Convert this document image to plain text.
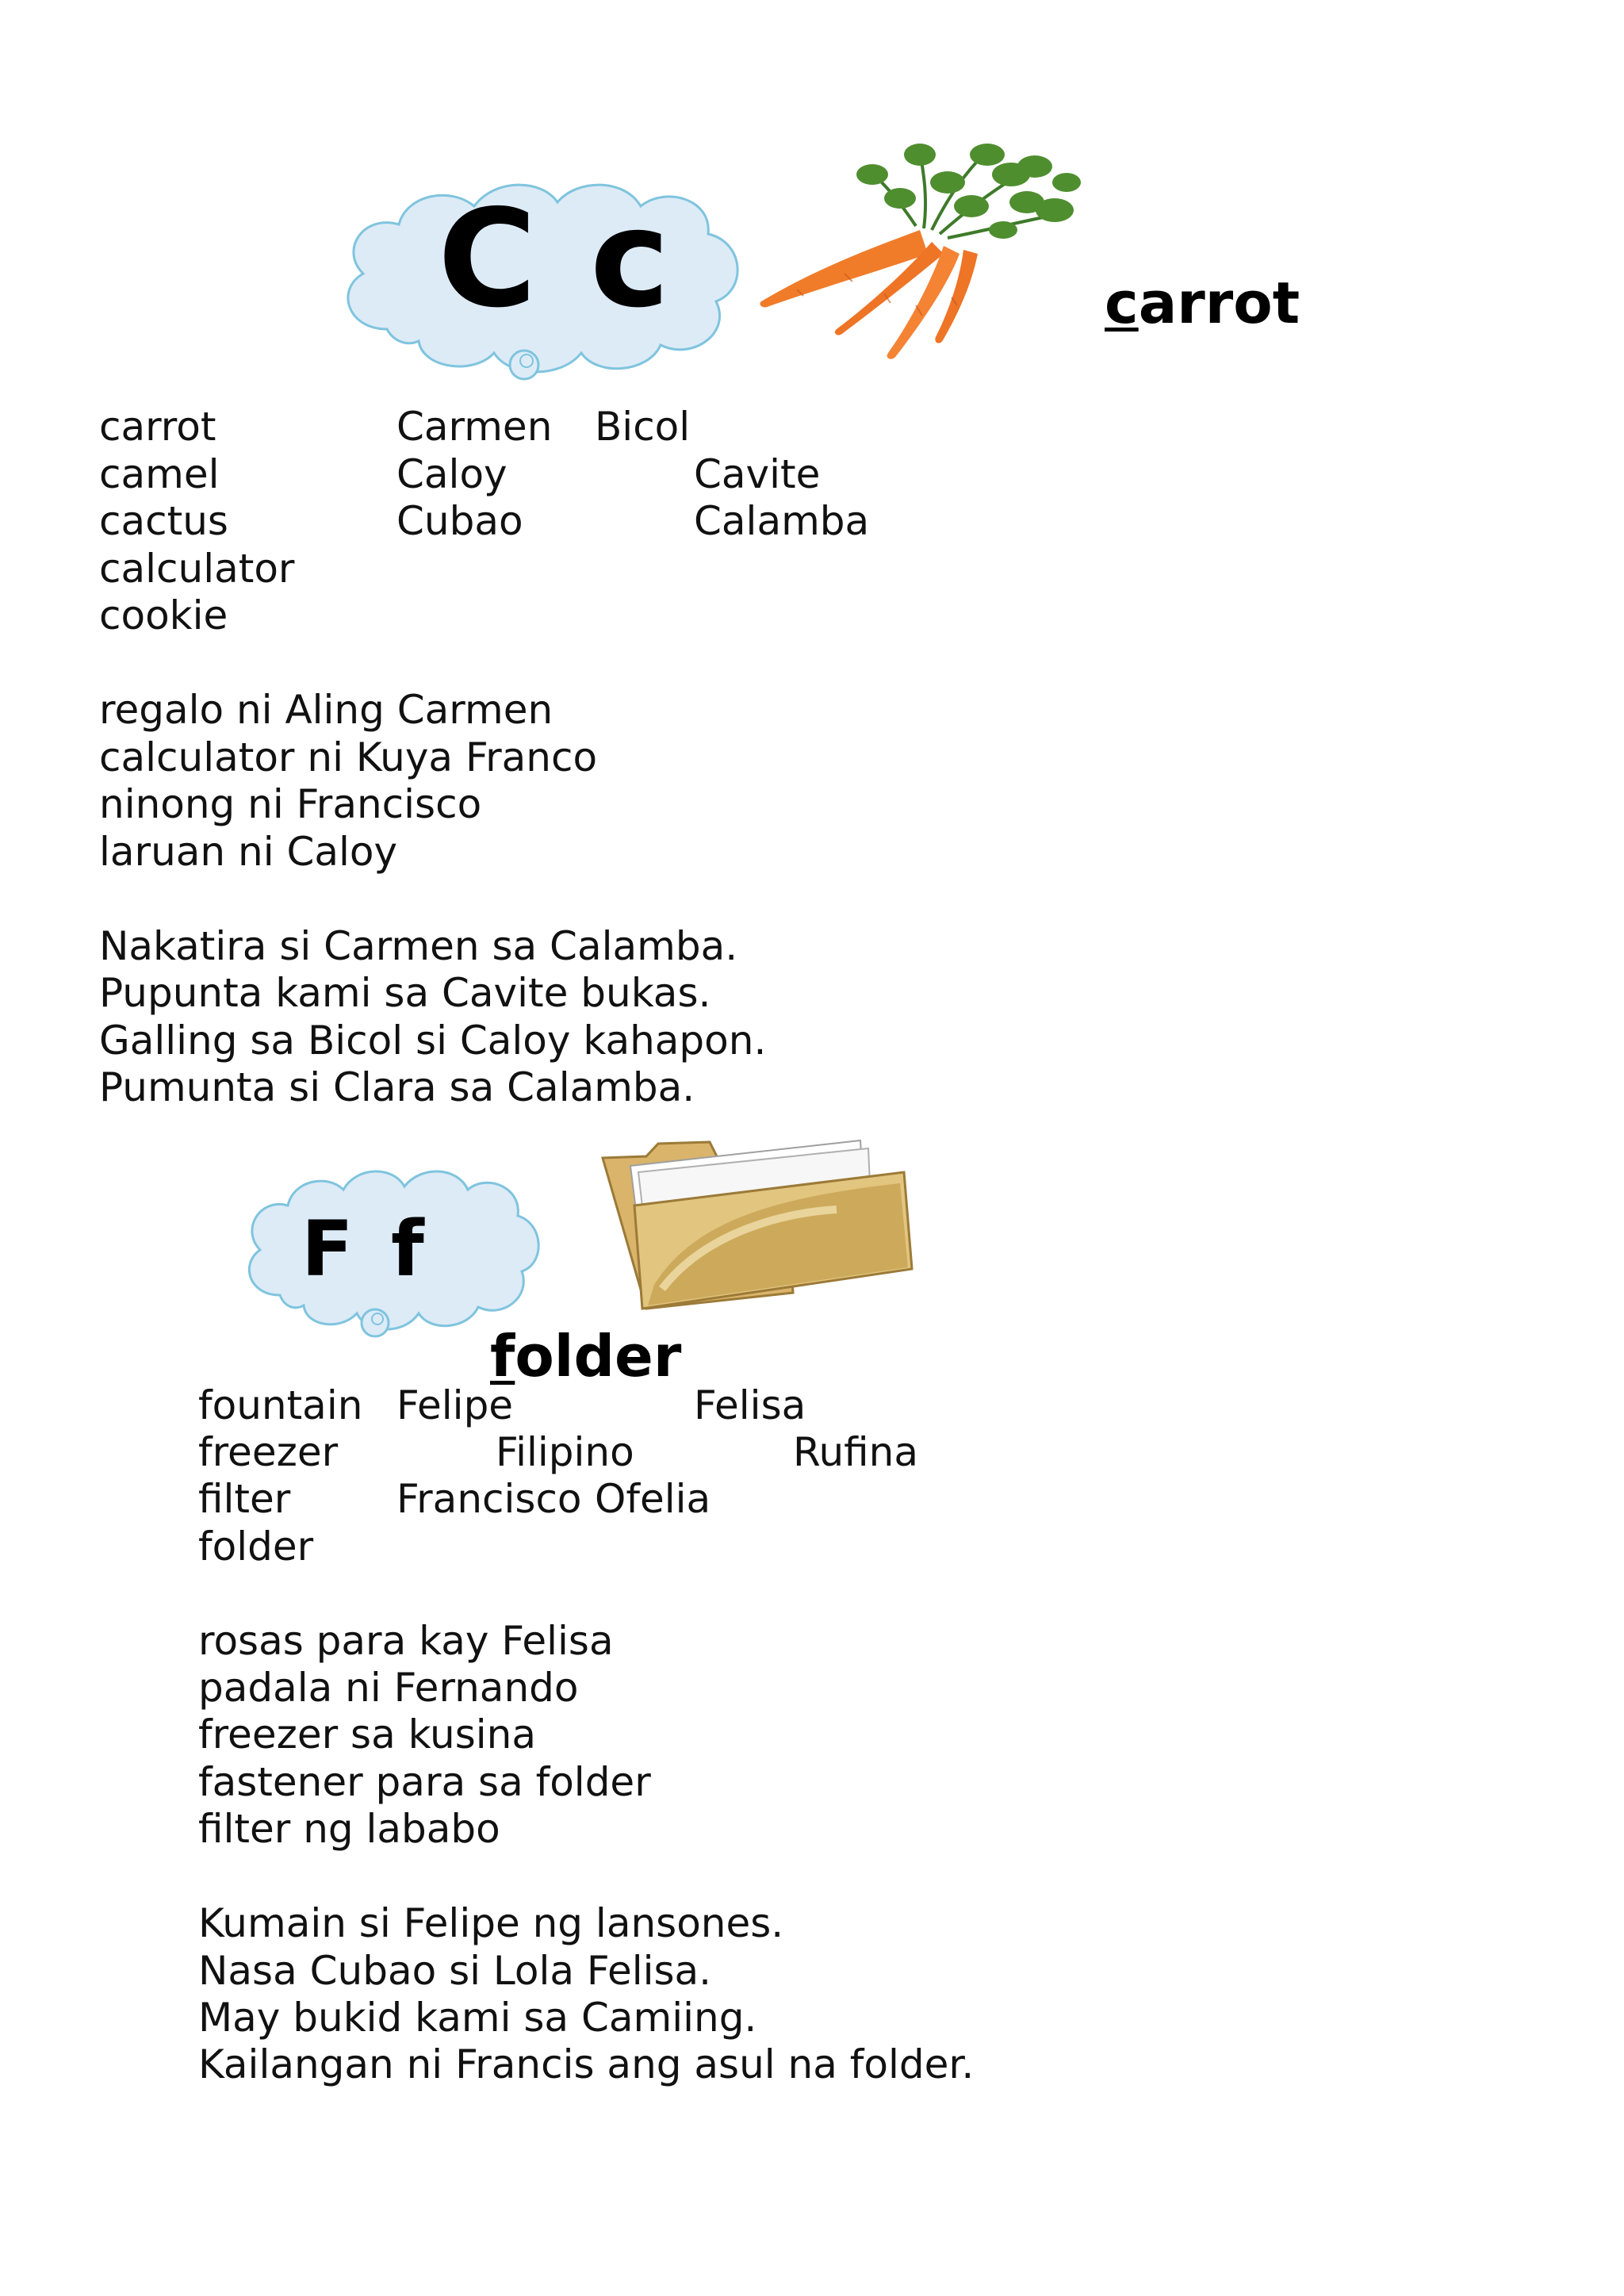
C c	carrot
carrot
camel
cactus
calculator
cookie
Carmen
Caloy
Cubao
Bicol
Cavite
Calamba
regalo ni Aling Carmen
calculator ni Kuya Franco
ninong ni Francisco
laruan ni Caloy
Nakatira si Carmen sa Calamba.
Pupunta kami sa Cavite bukas.
Galling sa Bicol si Caloy kahapon.
Pumunta si Clara sa Calamba.
F f
folder
fountain
freezer
filter
folder
Felipe
Filipino
Francisco
Felisa
Rufina
Ofelia
rosas para kay Felisa
padala ni Fernando
freezer sa kusina
fastener para sa folder
filter ng lababo
Kumain si Felipe ng lansones.
Nasa Cubao si Lola Felisa.
May bukid kami sa Camiing.
Kailangan ni Francis ang asul na folder.
